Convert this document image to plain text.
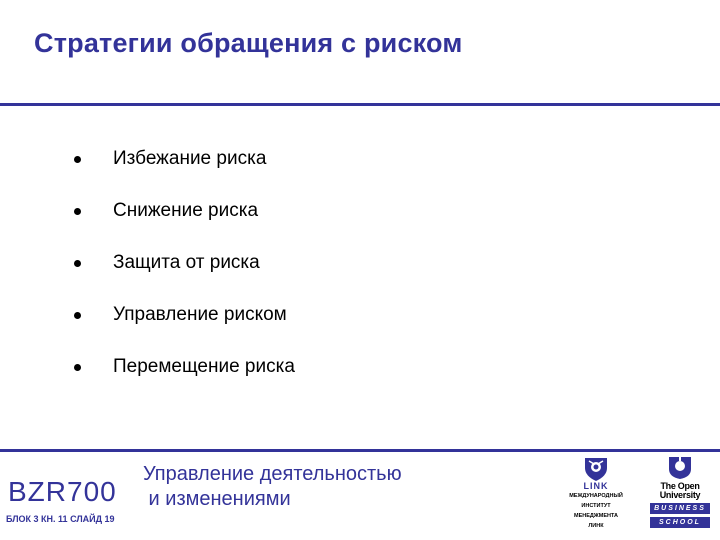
Стратегии обращения с риском
Избежание риска
Снижение риска
Защита от риска
Управление риском
Перемещение риска
BZR700
БЛОК 3 КН. 11 СЛАЙД 19
Управление деятельностью
и изменениями
LINK
МЕЖДУНАРОДНЫЙ
ИНСТИТУТ
МЕНЕДЖМЕНТА
ЛИНК
The Open
University
BUSINESS
SCHOOL
